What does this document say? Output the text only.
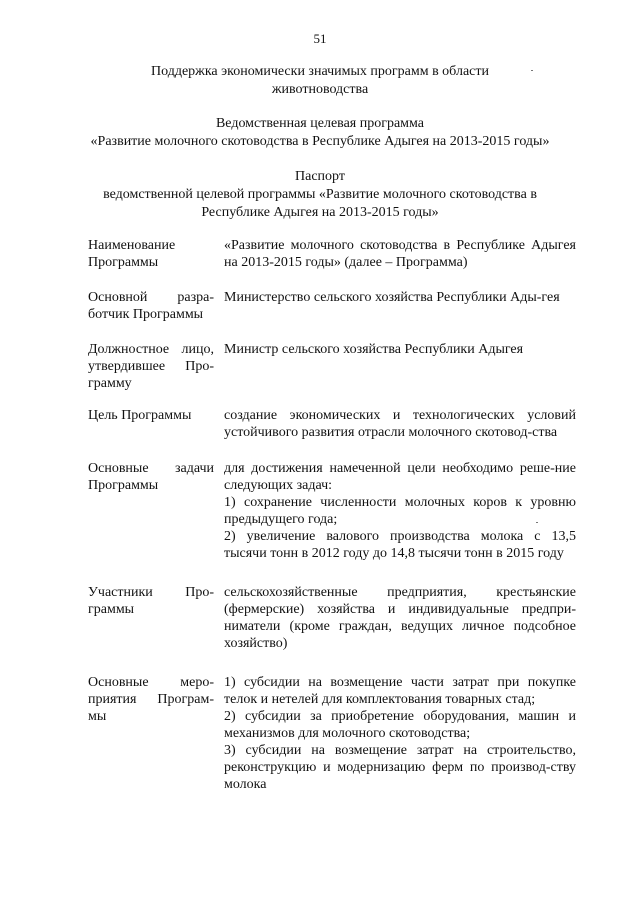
51
Поддержка экономически значимых программ в области
животноводства
Ведомственная целевая программа
«Развитие молочного скотоводства в Республике Адыгея на 2013-2015 годы»
Паспорт
ведомственной целевой программы «Развитие молочного скотоводства в
Республике Адыгея на 2013-2015 годы»
Наименование Программы
«Развитие молочного скотоводства в Республике Адыгея на 2013-2015 годы» (далее – Программа)
Основной разра-ботчик Программы
Министерство сельского хозяйства Республики Ады-гея
Должностное лицо, утвердившее Про-грамму
Министр сельского хозяйства Республики Адыгея
Цель Программы	создание экономических и технологических условий устойчивого развития отрасли молочного скотовод-ства
Основные задачи Программы

для достижения намеченной цели необходимо реше-ние следующих задач:

1) сохранение численности молочных коров к уровню предыдущего года;

2) увеличение валового производства молока с 13,5 тысячи тонн в 2012 году до 14,8 тысячи тонн в 2015 году

Участники Про-граммы
сельскохозяйственные предприятия, крестьянские (фермерские) хозяйства и индивидуальные предпри-ниматели (кроме граждан, ведущих личное подсобное хозяйство)
Основные меро-приятия Програм-мы

1) субсидии на возмещение части затрат при покупке телок и нетелей для комплектования товарных стад;

2) субсидии за приобретение оборудования, машин и механизмов для молочного скотоводства;

3) субсидии на возмещение затрат на строительство, реконструкцию и модернизацию ферм по производ-ству молока
